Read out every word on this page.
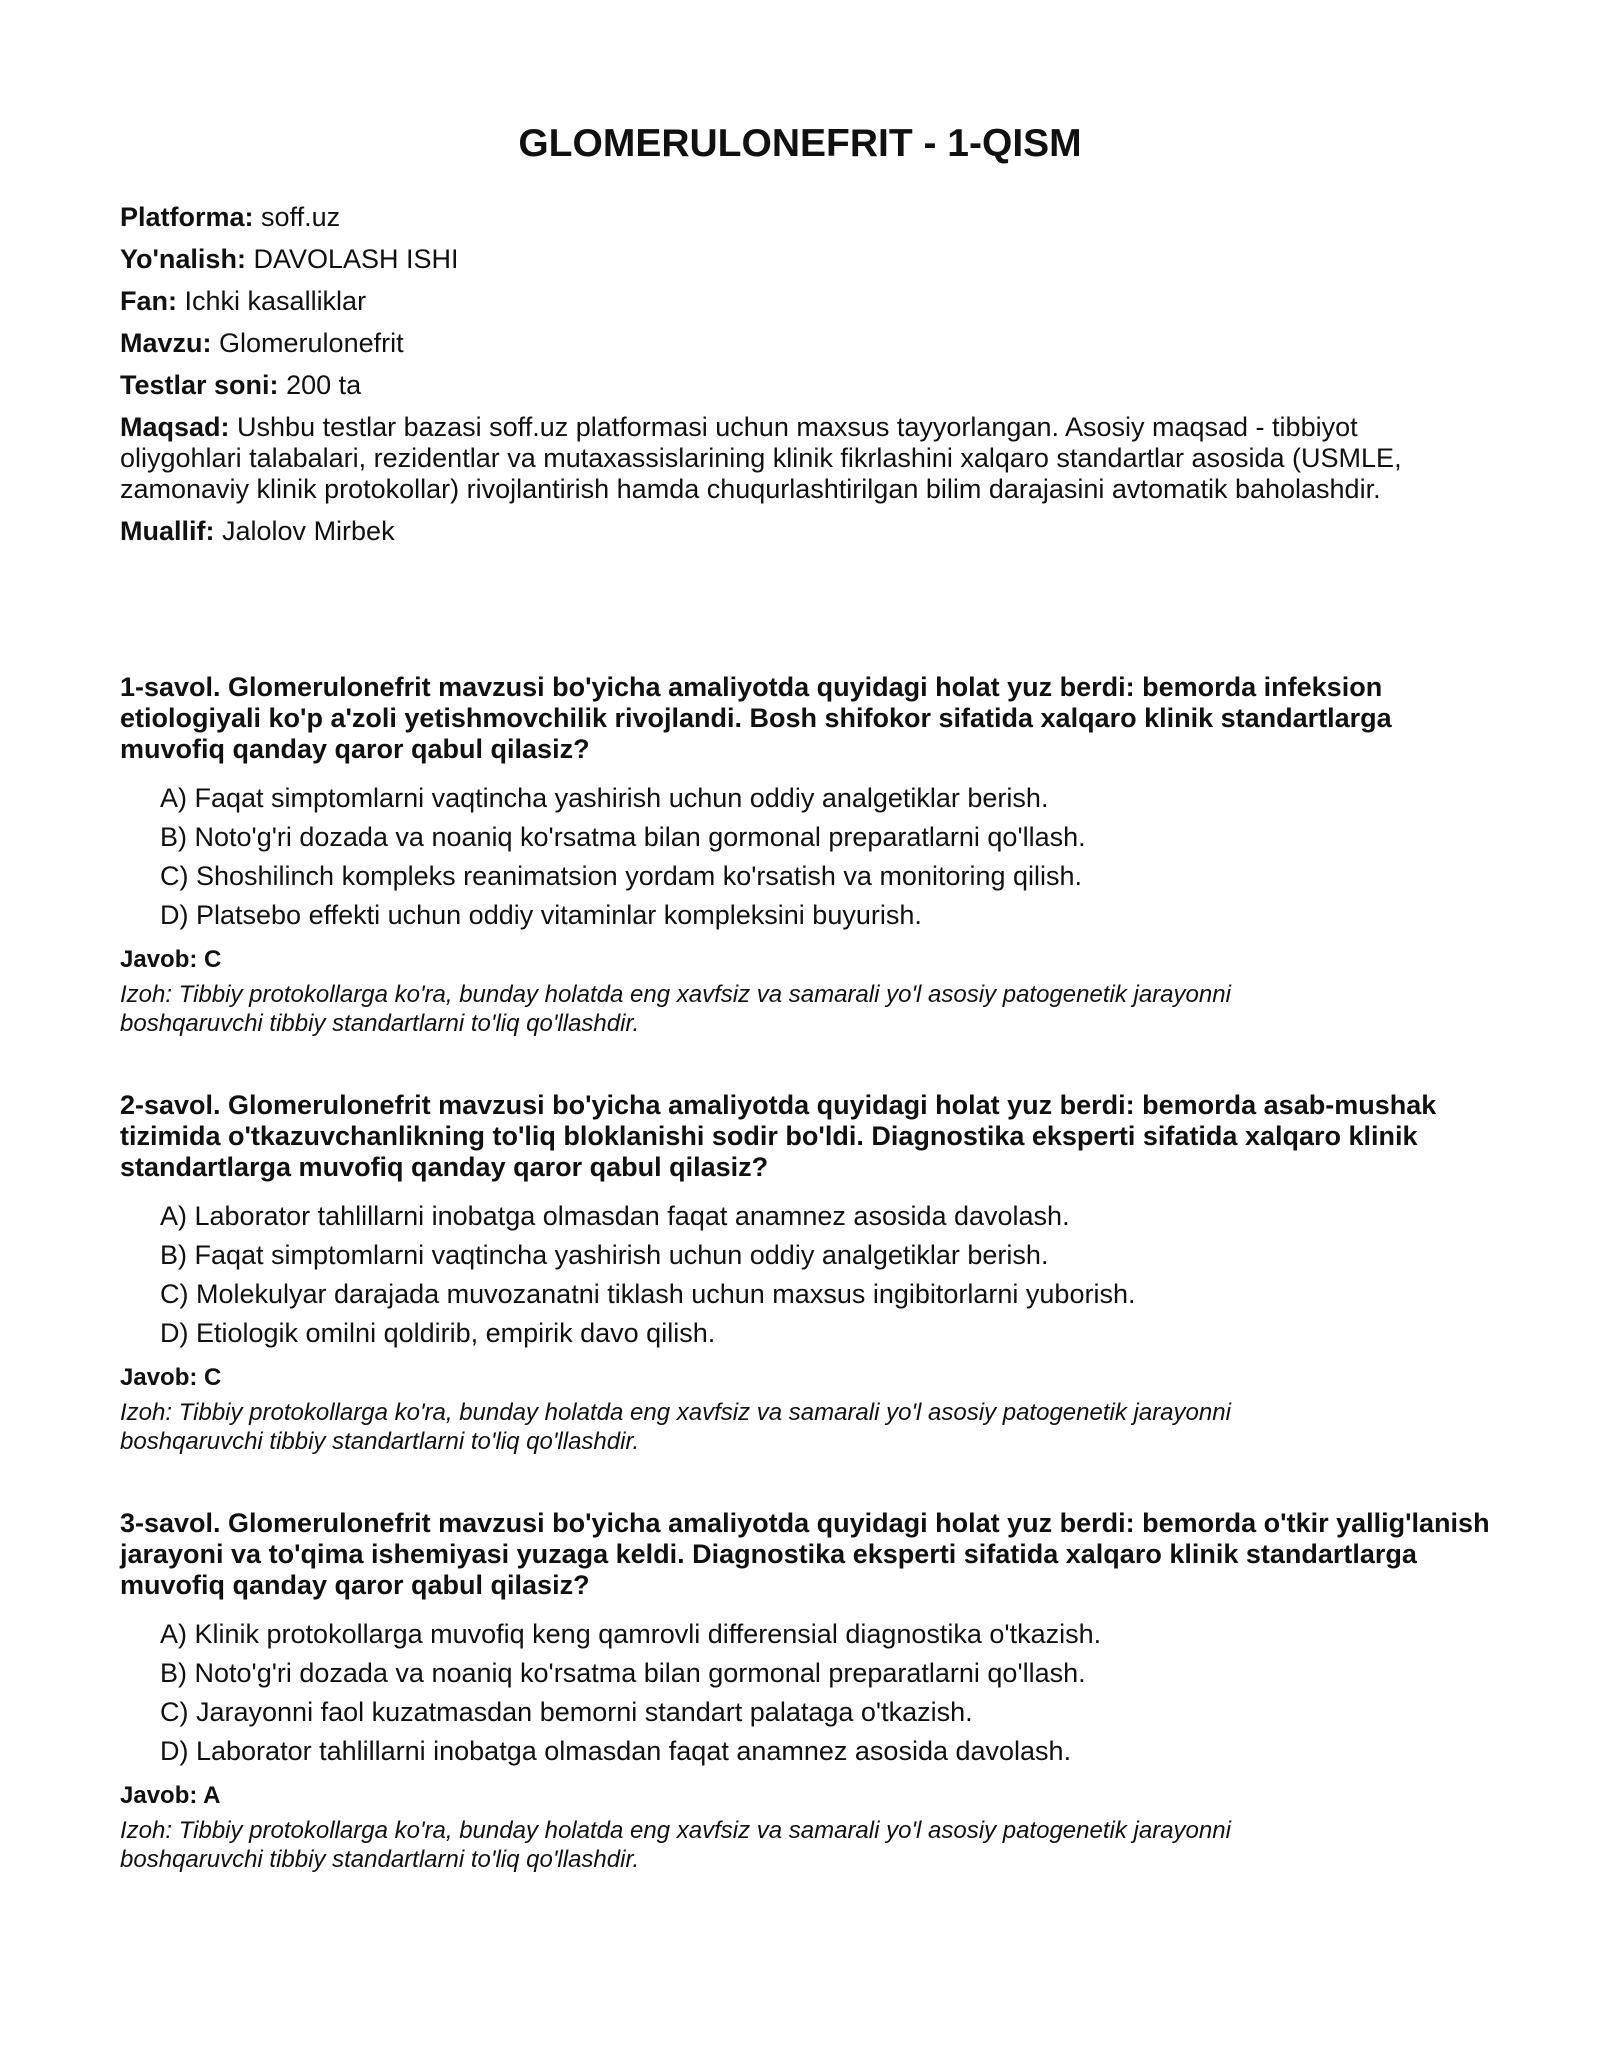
GLOMERULONEFRIT - 1-QISM

Platforma: soff.uz

Yo'nalish: DAVOLASH ISHI

Fan: Ichki kasalliklar

Mavzu: Glomerulonefrit

Testlar soni: 200 ta

Maqsad: Ushbu testlar bazasi soff.uz platformasi uchun maxsus tayyorlangan. Asosiy maqsad - tibbiyot oliygohlari talabalari, rezidentlar va mutaxassislarining klinik fikrlashini xalqaro standartlar asosida (USMLE, zamonaviy klinik protokollar) rivojlantirish hamda chuqurlashtirilgan bilim darajasini avtomatik baholashdir.

Muallif: Jalolov Mirbek

1-savol. Glomerulonefrit mavzusi bo'yicha amaliyotda quyidagi holat yuz berdi: bemorda infeksion etiologiyali ko'p a'zoli yetishmovchilik rivojlandi. Bosh shifokor sifatida xalqaro klinik standartlarga muvofiq qanday qaror qabul qilasiz?

A) Faqat simptomlarni vaqtincha yashirish uchun oddiy analgetiklar berish.
B) Noto'g'ri dozada va noaniq ko'rsatma bilan gormonal preparatlarni qo'llash.
C) Shoshilinch kompleks reanimatsion yordam ko'rsatish va monitoring qilish.
D) Platsebo effekti uchun oddiy vitaminlar kompleksini buyurish.

Javob: C

Izoh: Tibbiy protokollarga ko'ra, bunday holatda eng xavfsiz va samarali yo'l asosiy patogenetik jarayonni boshqaruvchi tibbiy standartlarni to'liq qo'llashdir.

2-savol. Glomerulonefrit mavzusi bo'yicha amaliyotda quyidagi holat yuz berdi: bemorda asab-mushak tizimida o'tkazuvchanlikning to'liq bloklanishi sodir bo'ldi. Diagnostika eksperti sifatida xalqaro klinik standartlarga muvofiq qanday qaror qabul qilasiz?

A) Laborator tahlillarni inobatga olmasdan faqat anamnez asosida davolash.
B) Faqat simptomlarni vaqtincha yashirish uchun oddiy analgetiklar berish.
C) Molekulyar darajada muvozanatni tiklash uchun maxsus ingibitorlarni yuborish.
D) Etiologik omilni qoldirib, empirik davo qilish.

Javob: C

Izoh: Tibbiy protokollarga ko'ra, bunday holatda eng xavfsiz va samarali yo'l asosiy patogenetik jarayonni boshqaruvchi tibbiy standartlarni to'liq qo'llashdir.

3-savol. Glomerulonefrit mavzusi bo'yicha amaliyotda quyidagi holat yuz berdi: bemorda o'tkir yallig'lanish jarayoni va to'qima ishemiyasi yuzaga keldi. Diagnostika eksperti sifatida xalqaro klinik standartlarga muvofiq qanday qaror qabul qilasiz?

A) Klinik protokollarga muvofiq keng qamrovli differensial diagnostika o'tkazish.
B) Noto'g'ri dozada va noaniq ko'rsatma bilan gormonal preparatlarni qo'llash.
C) Jarayonni faol kuzatmasdan bemorni standart palataga o'tkazish.
D) Laborator tahlillarni inobatga olmasdan faqat anamnez asosida davolash.

Javob: A

Izoh: Tibbiy protokollarga ko'ra, bunday holatda eng xavfsiz va samarali yo'l asosiy patogenetik jarayonni boshqaruvchi tibbiy standartlarni to'liq qo'llashdir.
